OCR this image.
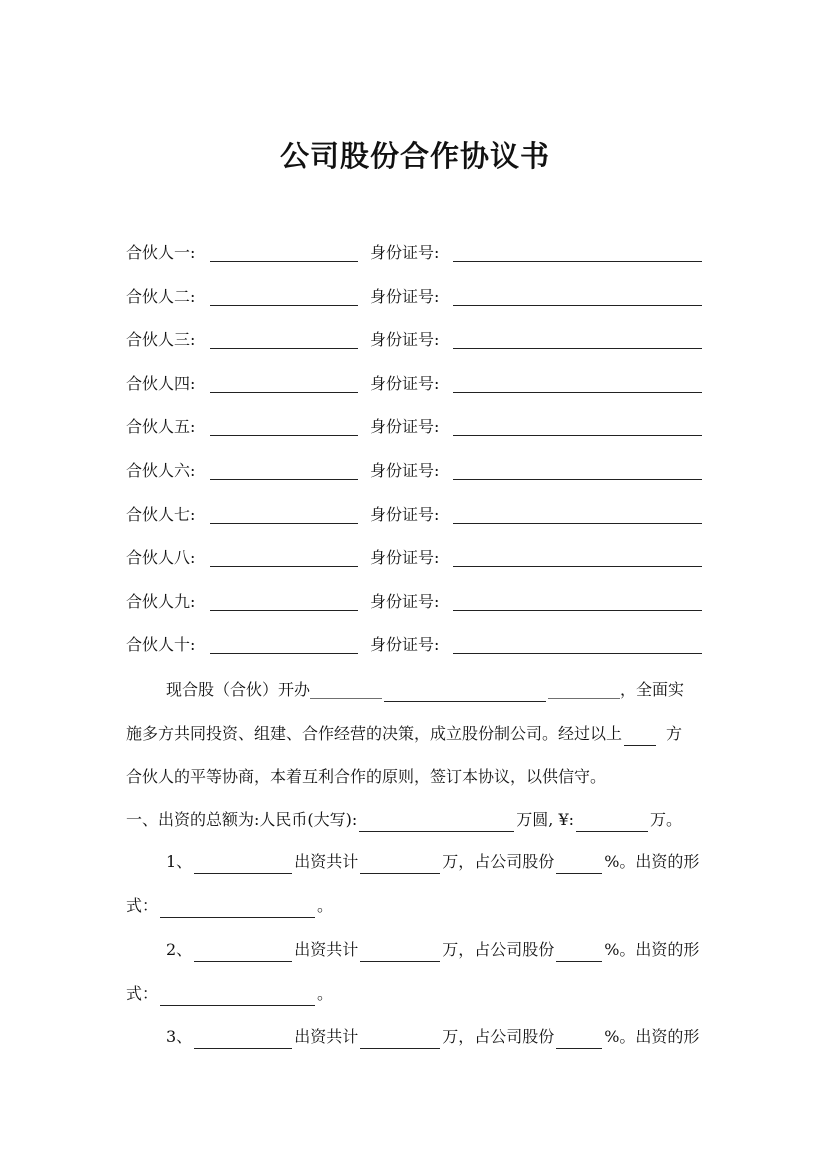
公司股份合作协议书
合伙人一:	身份证号:
合伙人二:	身份证号:
合伙人三:	身份证号:
合伙人四:	身份证号:
合伙人五:	身份证号:
合伙人六:	身份证号:
合伙人七:	身份证号:
合伙人八:	身份证号:
合伙人九:	身份证号:
合伙人十:	身份证号:
现合股（合伙）开办_________	_________，全面实
施多方共同投资、组建、合作经营的决策，成立股份制公司。经过以上	方
合伙人的平等协商，本着互利合作的原则，签订本协议，以供信守。
一、出资的总额为:人民币(大写):	万圆, ¥:	万。
1、	出资共计	万，占公司股份	%。出资的形
式：	。
2、	出资共计	万，占公司股份	%。出资的形
式：	。
3、	出资共计	万，占公司股份	%。出资的形
